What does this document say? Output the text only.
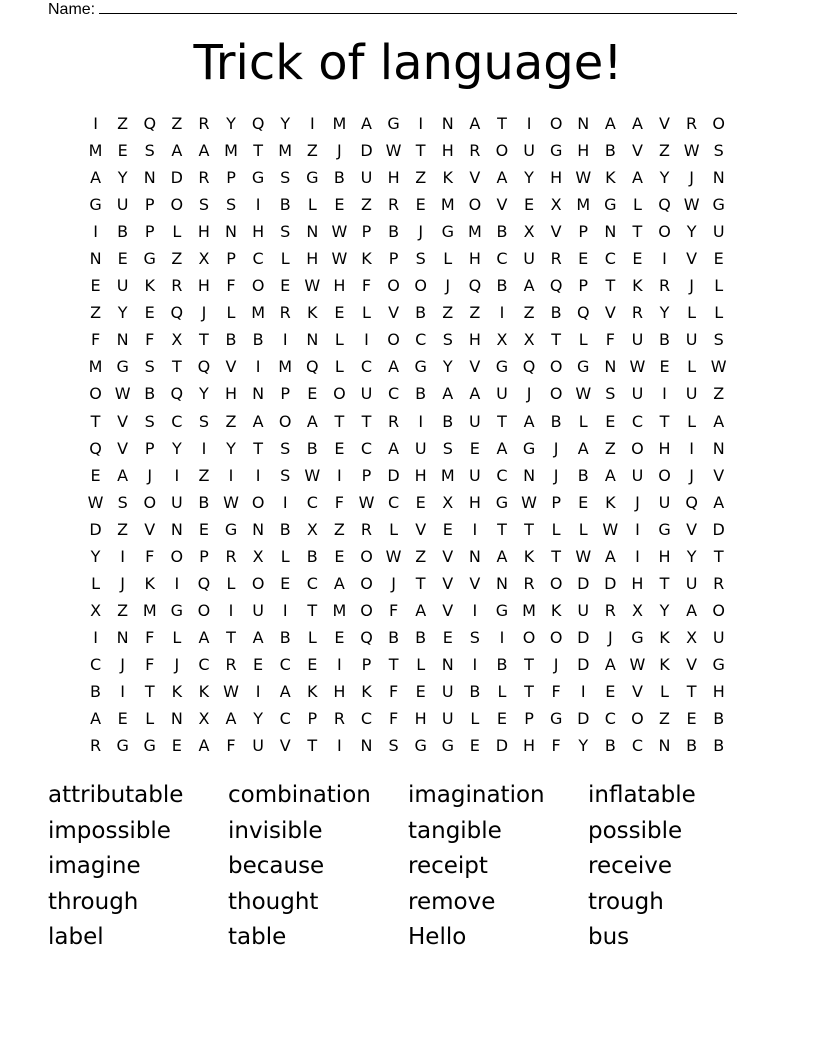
Name:
Trick of language!
I	Z Q Z	R	Y Q Y	I	M A G	I	N A	T	I	O N A	A	V	R O
M E	S	A	A M T M Z	J	D W T	H R O U G H B	V	Z W S
A	Y	N D R	P	G S G B U H Z	K	V	A	Y	H W K	A	Y	J	N
G U	P O S	S	I	B	L	E	Z	R	E M O V	E	X M G	L	Q W G
I	B	P	L	H N H	S	N W P	B	J	G M B	X	V	P	N	T O Y	U
N	E G Z	X	P	C	L	H W K	P	S	L	H C U R	E	C	E	I	V	E
E	U K	R H	F	O E W H	F	O O	J	Q B	A Q P	T	K	R	J	L
Z	Y	E Q	J	L M R	K	E	L	V	B	Z	Z	I	Z	B Q V	R	Y	L	L
F	N	F	X	T	B	B	I	N	L	I	O C	S	H X	X	T	L	F	U B U	S
M G S	T Q V	I	M Q	L	C	A G	Y	V G Q O G N W E	L W
O W B Q Y	H N	P	E O U C	B	A	A U	J	O W S	U	I	U Z
T	V	S	C	S	Z	A O A	T	T	R	I	B U	T	A	B	L	E	C	T	L	A
Q V	P	Y	I	Y	T	S	B	E	C	A U	S	E	A G	J	A	Z O H	I	N
E	A	J	I	Z	I	I	S W	I	P	D H M U C N	J	B	A U O	J	V
W S O U B W O	I	C	F W C	E	X H G W P	E	K	J	U Q A
D Z	V N	E G N B	X	Z	R	L	V	E	I	T	T	L	L W	I	G V D
Y	I	F	O P	R	X	L	B	E O W Z	V N A	K	T W A	I	H	Y	T
L	J	K	I	Q	L	O E	C	A O	J	T	V	V N R O D D H	T	U R
X	Z M G O	I	U	I	T M O	F	A	V	I	G M K U R	X	Y	A O
I	N	F	L	A	T	A	B	L	E Q B	B	E	S	I	O O D	J	G K	X U
C	J	F	J	C R	E	C	E	I	P	T	L	N	I	B	T	J	D A W K	V G
B	I	T	K	K W	I	A	K H K	F	E	U B	L	T	F	I	E	V	L	T	H
A	E	L	N X	A	Y	C	P	R C	F	H U	L	E	P	G D C O Z	E	B
R G G E	A	F	U V	T	I	N	S G G E D H	F	Y	B	C N B	B
attributable	combination	imagination	inflatable
impossible	invisible	tangible	possible
imagine	because	receipt	receive
through	thought	remove	trough
label	table	Hello	bus
